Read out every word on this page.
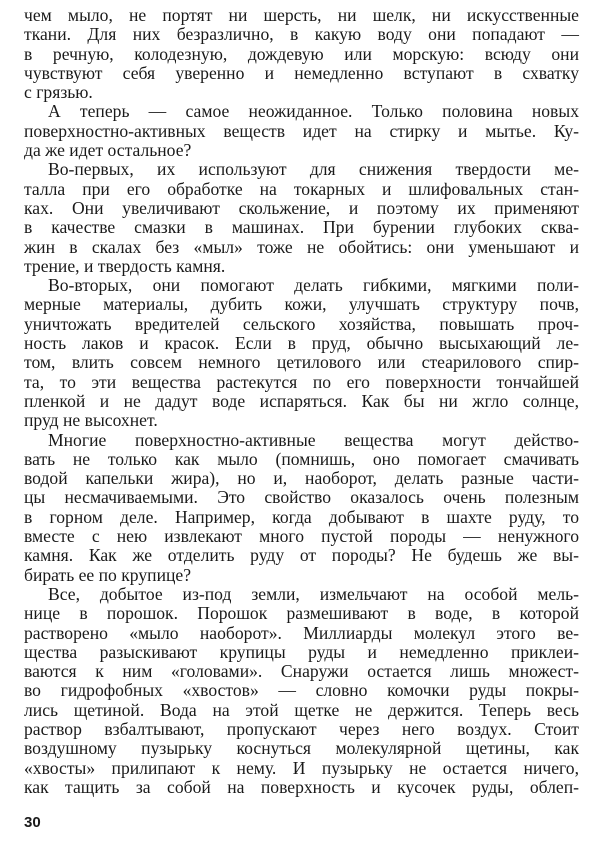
чем мыло, не портят ни шерсть, ни шелк, ни искусственные
ткани. Для них безразлично, в какую воду они попадают —
в речную, колодезную, дождевую или морскую: всюду они
чувствуют себя уверенно и немедленно вступают в схватку
с грязью.
А теперь — самое неожиданное. Только половина новых
поверхностно-активных веществ идет на стирку и мытье. Ку-
да же идет остальное?
Во-первых, их используют для снижения твердости ме-
талла при его обработке на токарных и шлифовальных стан-
ках. Они увеличивают скольжение, и поэтому их применяют
в качестве смазки в машинах. При бурении глубоких сква-
жин в скалах без «мыл» тоже не обойтись: они уменьшают и
трение, и твердость камня.
Во-вторых, они помогают делать гибкими, мягкими поли-
мерные материалы, дубить кожи, улучшать структуру почв,
уничтожать вредителей сельского хозяйства, повышать проч-
ность лаков и красок. Если в пруд, обычно высыхающий ле-
том, влить совсем немного цетилового или стеарилового спир-
та, то эти вещества растекутся по его поверхности тончайшей
пленкой и не дадут воде испаряться. Как бы ни жгло солнце,
пруд не высохнет.
Многие поверхностно-активные вещества могут действо-
вать не только как мыло (помнишь, оно помогает смачивать
водой капельки жира), но и, наоборот, делать разные части-
цы несмачиваемыми. Это свойство оказалось очень полезным
в горном деле. Например, когда добывают в шахте руду, то
вместе с нею извлекают много пустой породы — ненужного
камня. Как же отделить руду от породы? Не будешь же вы-
бирать ее по крупице?
Все, добытое из-под земли, измельчают на особой мель-
нице в порошок. Порошок размешивают в воде, в которой
растворено «мыло наоборот». Миллиарды молекул этого ве-
щества разыскивают крупицы руды и немедленно приклеи-
ваются к ним «головами». Снаружи остается лишь множест-
во гидрофобных «хвостов» — словно комочки руды покры-
лись щетиной. Вода на этой щетке не держится. Теперь весь
раствор взбалтывают, пропускают через него воздух. Стоит
воздушному пузырьку коснуться молекулярной щетины, как
«хвосты» прилипают к нему. И пузырьку не остается ничего,
как тащить за собой на поверхность и кусочек руды, облеп-
30
